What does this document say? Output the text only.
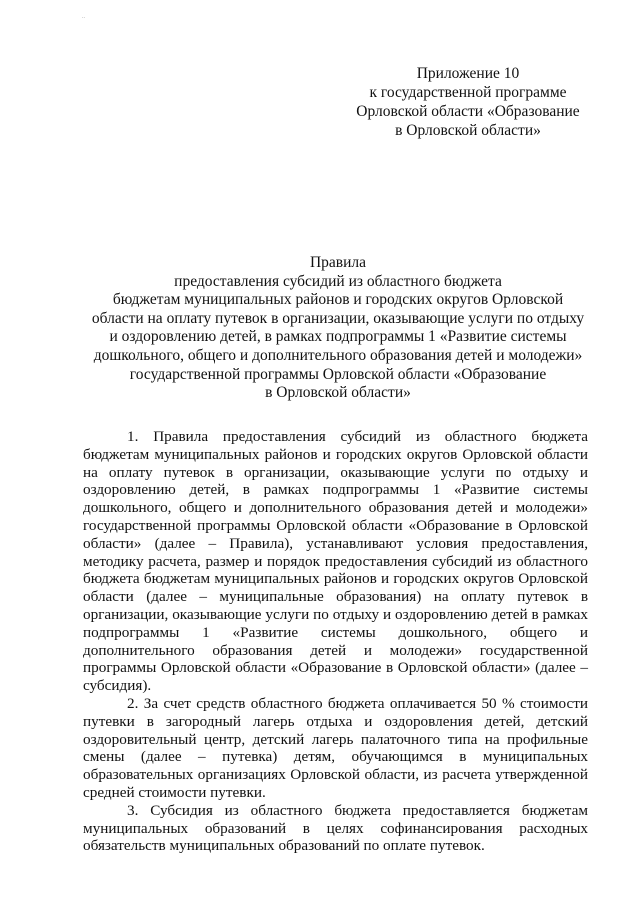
..
Приложение 10
к государственной программе
Орловской области «Образование
в Орловской области»
Правила
предоставления субсидий из областного бюджета
бюджетам муниципальных районов и городских округов Орловской
области на оплату путевок в организации, оказывающие услуги по отдыху
и оздоровлению детей, в рамках подпрограммы 1 «Развитие системы
дошкольного, общего и дополнительного образования детей и молодежи»
государственной программы Орловской области «Образование
в Орловской области»

1. Правила предоставления субсидий из областного бюджета бюджетам муниципальных районов и городских округов Орловской области на оплату путевок в организации, оказывающие услуги по отдыху и оздоровлению детей, в рамках подпрограммы 1 «Развитие системы дошкольного, общего и дополнительного образования детей и молодежи» государственной программы Орловской области «Образование в Орловской области» (далее – Правила), устанавливают условия предоставления, методику расчета, размер и порядок предоставления субсидий из областного бюджета бюджетам муниципальных районов и городских округов Орловской области (далее – муниципальные образования) на оплату путевок в организации, оказывающие услуги по отдыху и оздоровлению детей в рамках подпрограммы 1 «Развитие системы дошкольного, общего и дополнительного образования детей и молодежи» государственной программы Орловской области «Образование в Орловской области» (далее – субсидия).

2. За счет средств областного бюджета оплачивается 50 % стоимости путевки в загородный лагерь отдыха и оздоровления детей, детский оздоровительный центр, детский лагерь палаточного типа на профильные смены (далее – путевка) детям, обучающимся в муниципальных образовательных организациях Орловской области, из расчета утвержденной средней стоимости путевки.

3. Субсидия из областного бюджета предоставляется бюджетам муниципальных образований в целях софинансирования расходных обязательств муниципальных образований по оплате путевок.
